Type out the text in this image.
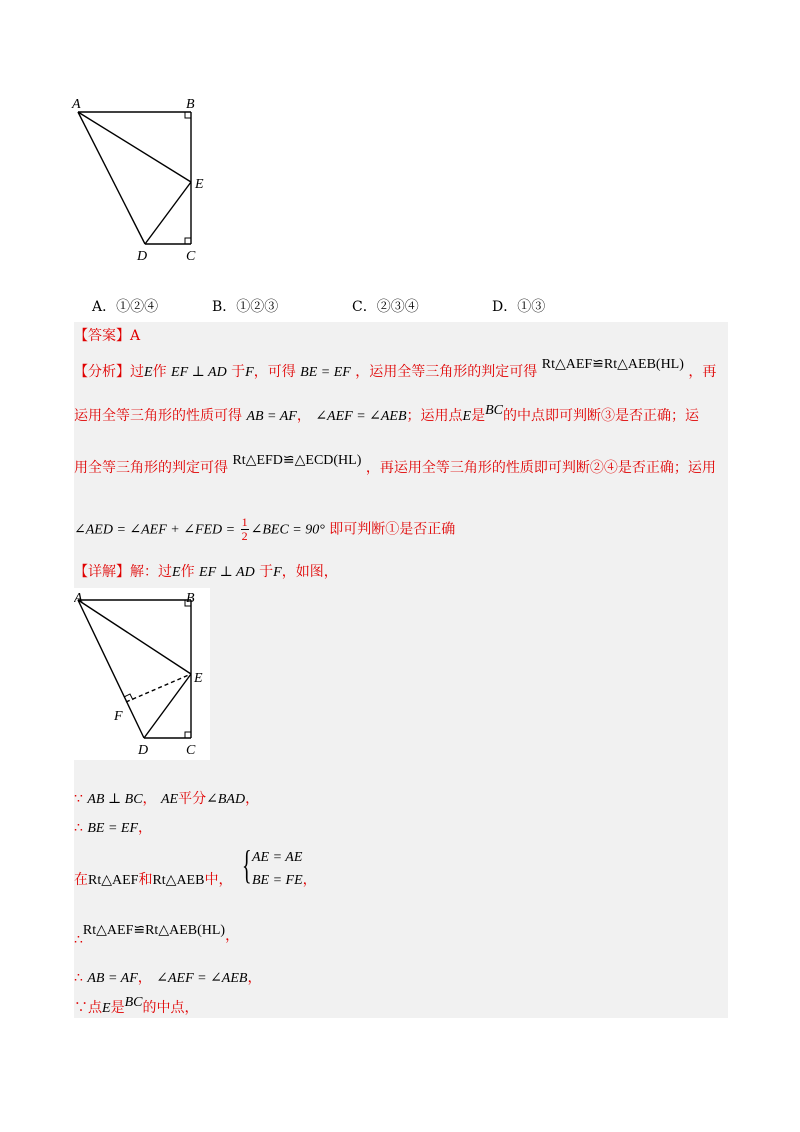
A	B
E
D	C
A．①②④	B．①②③	C．②③④	D．①③
【答案】A
【分析】过E作 EF ⊥ AD 于F，可得 BE = EF ，运用全等三角形的判定可得 Rt△AEF≌Rt△AEB(HL) ，再
运用全等三角形的性质可得 AB = AF， ∠AEF = ∠AEB；运用点E是BC的中点即可判断③是否正确；运
用全等三角形的判定可得 Rt△EFD≌△ECD(HL) ，再运用全等三角形的性质即可判断②④是否正确；运用
∠AED = ∠AEF + ∠FED = $\frac{1}{2}$ ∠BEC = 90° 即可判断①是否正确
【详解】解：过E作 EF ⊥ AD 于F，如图，
A	B
E
F
D	C
∵ AB ⊥ BC， AE平分∠BAD，
∴ BE = EF，
在Rt△AEF和Rt△AEB中， { AE = AE
BE = FE，
∴Rt△AEF≌Rt△AEB(HL)，
∴ AB = AF， ∠AEF = ∠AEB，
∵点E是BC的中点，
